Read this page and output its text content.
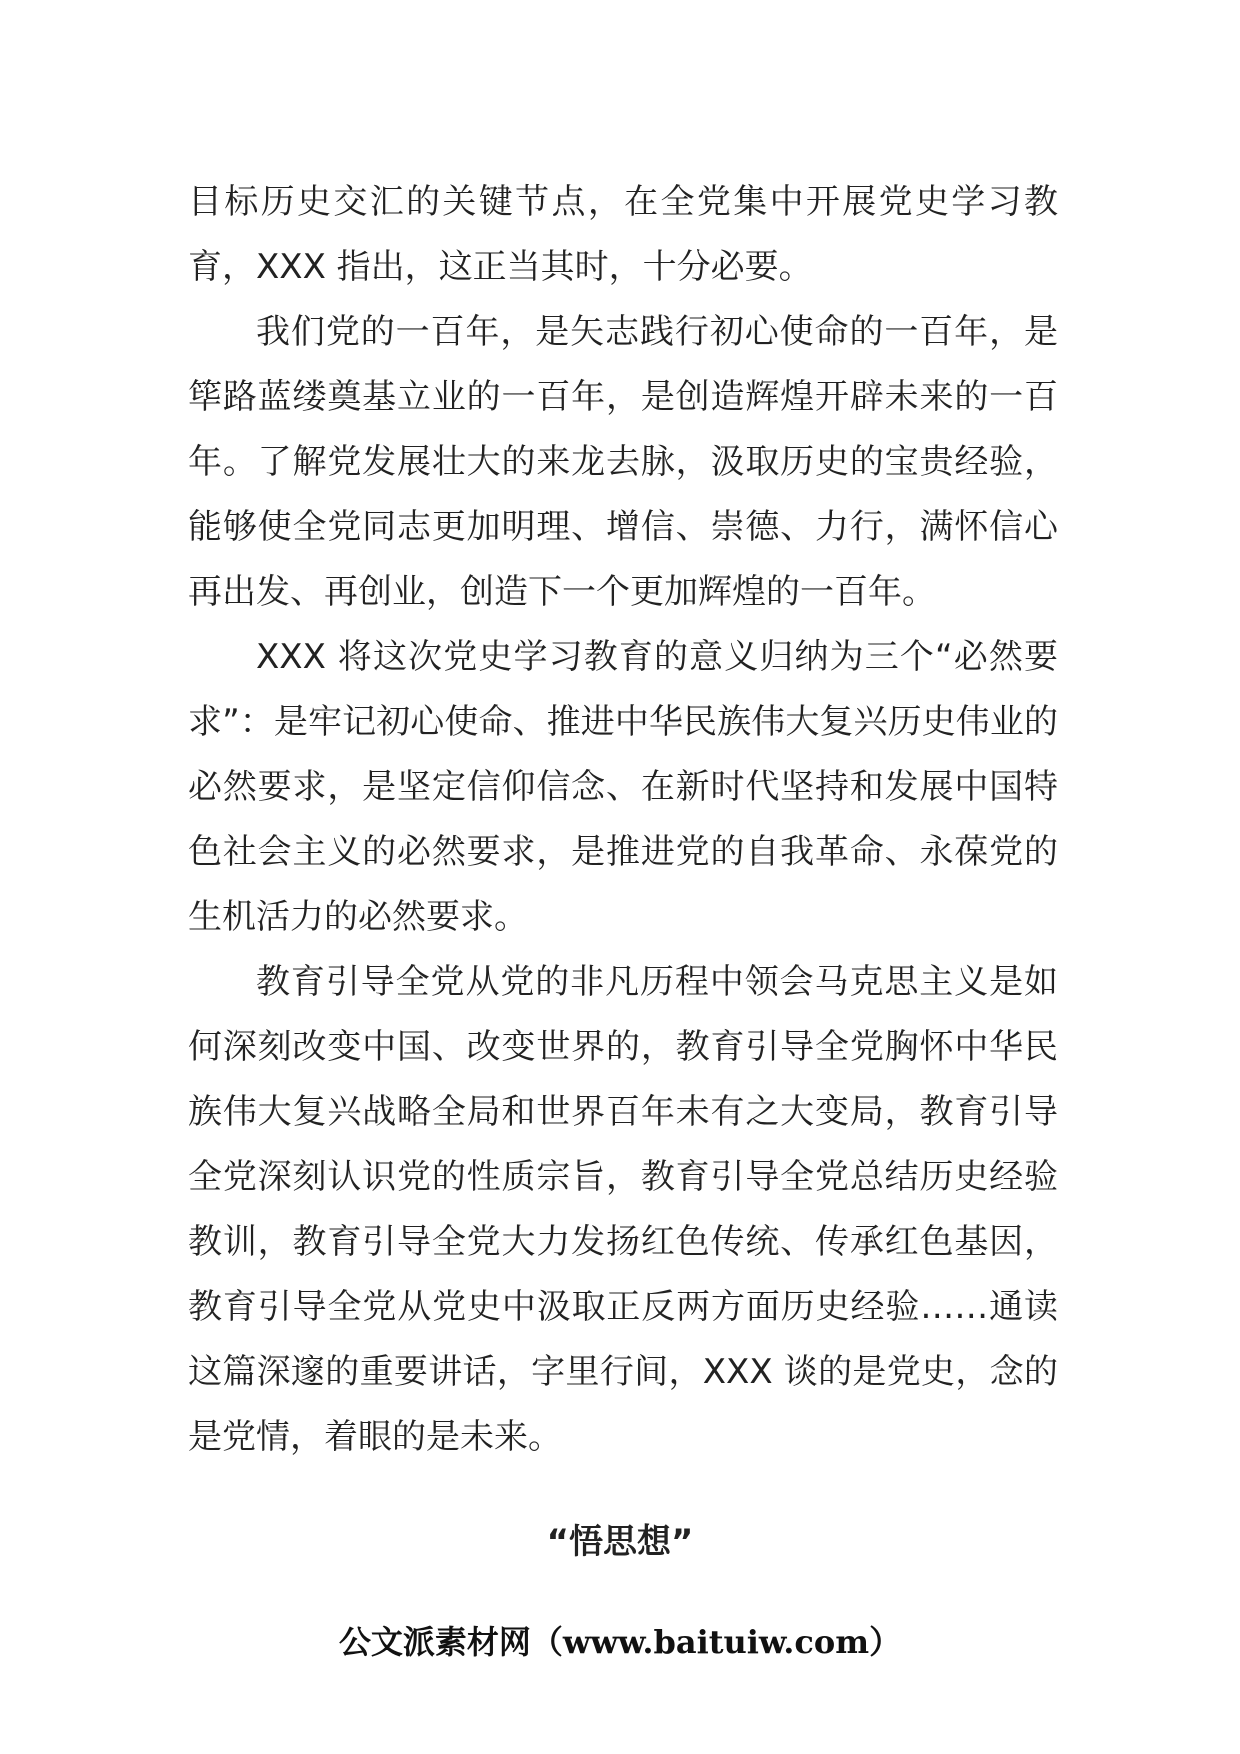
目标历史交汇的关键节点，在全党集中开展党史学习教育，XXX 指出，这正当其时，十分必要。

我们党的一百年，是矢志践行初心使命的一百年，是筚路蓝缕奠基立业的一百年，是创造辉煌开辟未来的一百年。了解党发展壮大的来龙去脉，汲取历史的宝贵经验，能够使全党同志更加明理、增信、崇德、力行，满怀信心再出发、再创业，创造下一个更加辉煌的一百年。

XXX 将这次党史学习教育的意义归纳为三个“必然要求”：是牢记初心使命、推进中华民族伟大复兴历史伟业的必然要求，是坚定信仰信念、在新时代坚持和发展中国特色社会主义的必然要求，是推进党的自我革命、永葆党的生机活力的必然要求。

教育引导全党从党的非凡历程中领会马克思主义是如何深刻改变中国、改变世界的，教育引导全党胸怀中华民族伟大复兴战略全局和世界百年未有之大变局，教育引导全党深刻认识党的性质宗旨，教育引导全党总结历史经验教训，教育引导全党大力发扬红色传统、传承红色基因，教育引导全党从党史中汲取正反两方面历史经验……通读这篇深邃的重要讲话，字里行间，XXX 谈的是党史，念的是党情，着眼的是未来。

“悟思想”
公文派素材网（www.baituiw.com）
